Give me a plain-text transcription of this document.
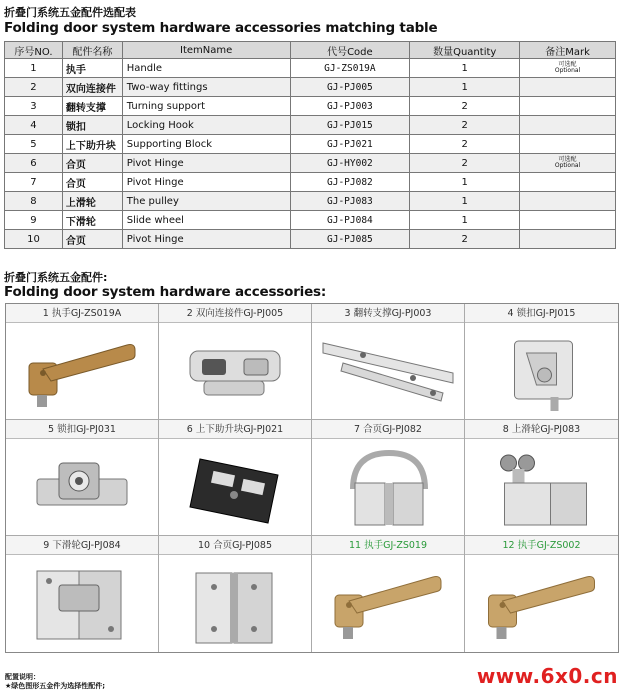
折叠门系统五金配件选配表
Folding door system hardware accessories matching table
序号NO.	配件名称	ItemName	代号Code	数量Quantity	备注Mark
1	执手	Handle	GJ-ZS019A	1	可选配
Optional

2	双向连接件	Two-way fittings	GJ-PJ005	1	

3	翻转支撑	Turning support	GJ-PJ003	2	

4	锁扣	Locking Hook	GJ-PJ015	2	

5	上下助升块	Supporting Block	GJ-PJ021	2	

6	合页	Pivot Hinge	GJ-HY002	2	可选配
Optional

7	合页	Pivot Hinge	GJ-PJ082	1	

8	上滑轮	The pulley	GJ-PJ083	1	

9	下滑轮	Slide wheel	GJ-PJ084	1	

10	合页	Pivot Hinge	GJ-PJ085	2	
折叠门系统五金配件:
Folding door system hardware accessories:
1 执手GJ-ZS019A	2 双向连接件GJ-PJ005	3 翻转支撑GJ-PJ003	4 锁扣GJ-PJ015
5 锁扣GJ-PJ031	6 上下助升块GJ-PJ021	7 合页GJ-PJ082	8 上滑轮GJ-PJ083
9 下滑轮GJ-PJ084	10 合页GJ-PJ085	11 执手GJ-ZS019	12 执手GJ-ZS002
配置说明：
★绿色图形五金件为选择性配件;	www.6x0.cn
